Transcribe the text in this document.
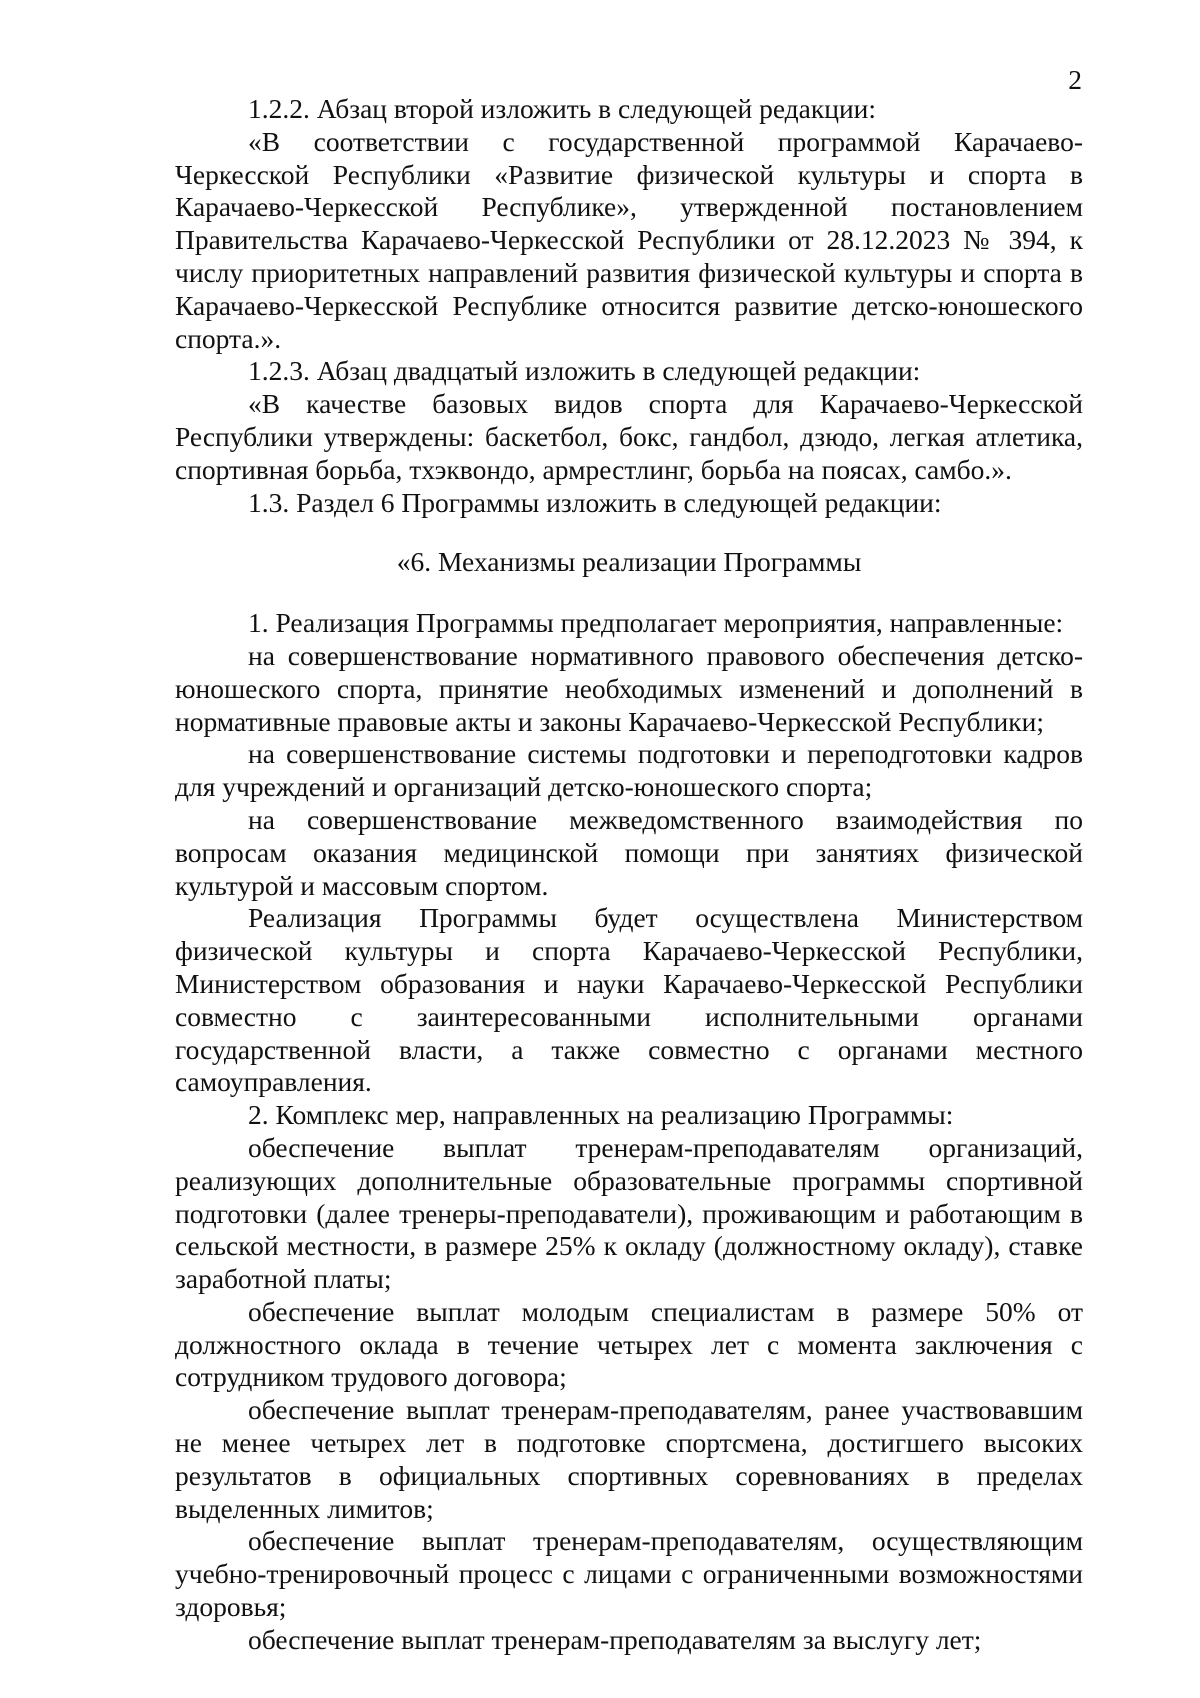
2

1.2.2. Абзац второй изложить в следующей редакции:

«В соответствии с государственной программой Карачаево-Черкесской Республики «Развитие физической культуры и спорта в Карачаево-Черкесской Республике», утвержденной постановлением Правительства Карачаево-Черкесской Республики от 28.12.2023 № 394, к числу приоритетных направлений развития физической культуры и спорта в Карачаево-Черкесской Республике относится развитие детско-юношеского спорта.».

1.2.3. Абзац двадцатый изложить в следующей редакции:

«В качестве базовых видов спорта для Карачаево-Черкесской Республики утверждены: баскетбол, бокс, гандбол, дзюдо, легкая атлетика, спортивная борьба, тхэквондо, армрестлинг, борьба на поясах, самбо.».

1.3. Раздел 6 Программы изложить в следующей редакции:

«6. Механизмы реализации Программы

1. Реализация Программы предполагает мероприятия, направленные:

на совершенствование нормативного правового обеспечения детско-юношеского спорта, принятие необходимых изменений и дополнений в нормативные правовые акты и законы Карачаево-Черкесской Республики;

на совершенствование системы подготовки и переподготовки кадров для учреждений и организаций детско-юношеского спорта;

на совершенствование межведомственного взаимодействия по вопросам оказания медицинской помощи при занятиях физической культурой и массовым спортом.

Реализация Программы будет осуществлена Министерством физической культуры и спорта Карачаево-Черкесской Республики, Министерством образования и науки Карачаево-Черкесской Республики совместно с заинтересованными исполнительными органами государственной власти, а также совместно с органами местного самоуправления.

2. Комплекс мер, направленных на реализацию Программы:

обеспечение выплат тренерам-преподавателям организаций, реализующих дополнительные образовательные программы спортивной подготовки (далее тренеры-преподаватели), проживающим и работающим в сельской местности, в размере 25% к окладу (должностному окладу), ставке заработной платы;

обеспечение выплат молодым специалистам в размере 50% от должностного оклада в течение четырех лет с момента заключения с сотрудником трудового договора;

обеспечение выплат тренерам-преподавателям, ранее участвовавшим не менее четырех лет в подготовке спортсмена, достигшего высоких результатов в официальных спортивных соревнованиях в пределах выделенных лимитов;

обеспечение выплат тренерам-преподавателям, осуществляющим учебно-тренировочный процесс с лицами с ограниченными возможностями здоровья;

обеспечение выплат тренерам-преподавателям за выслугу лет;
